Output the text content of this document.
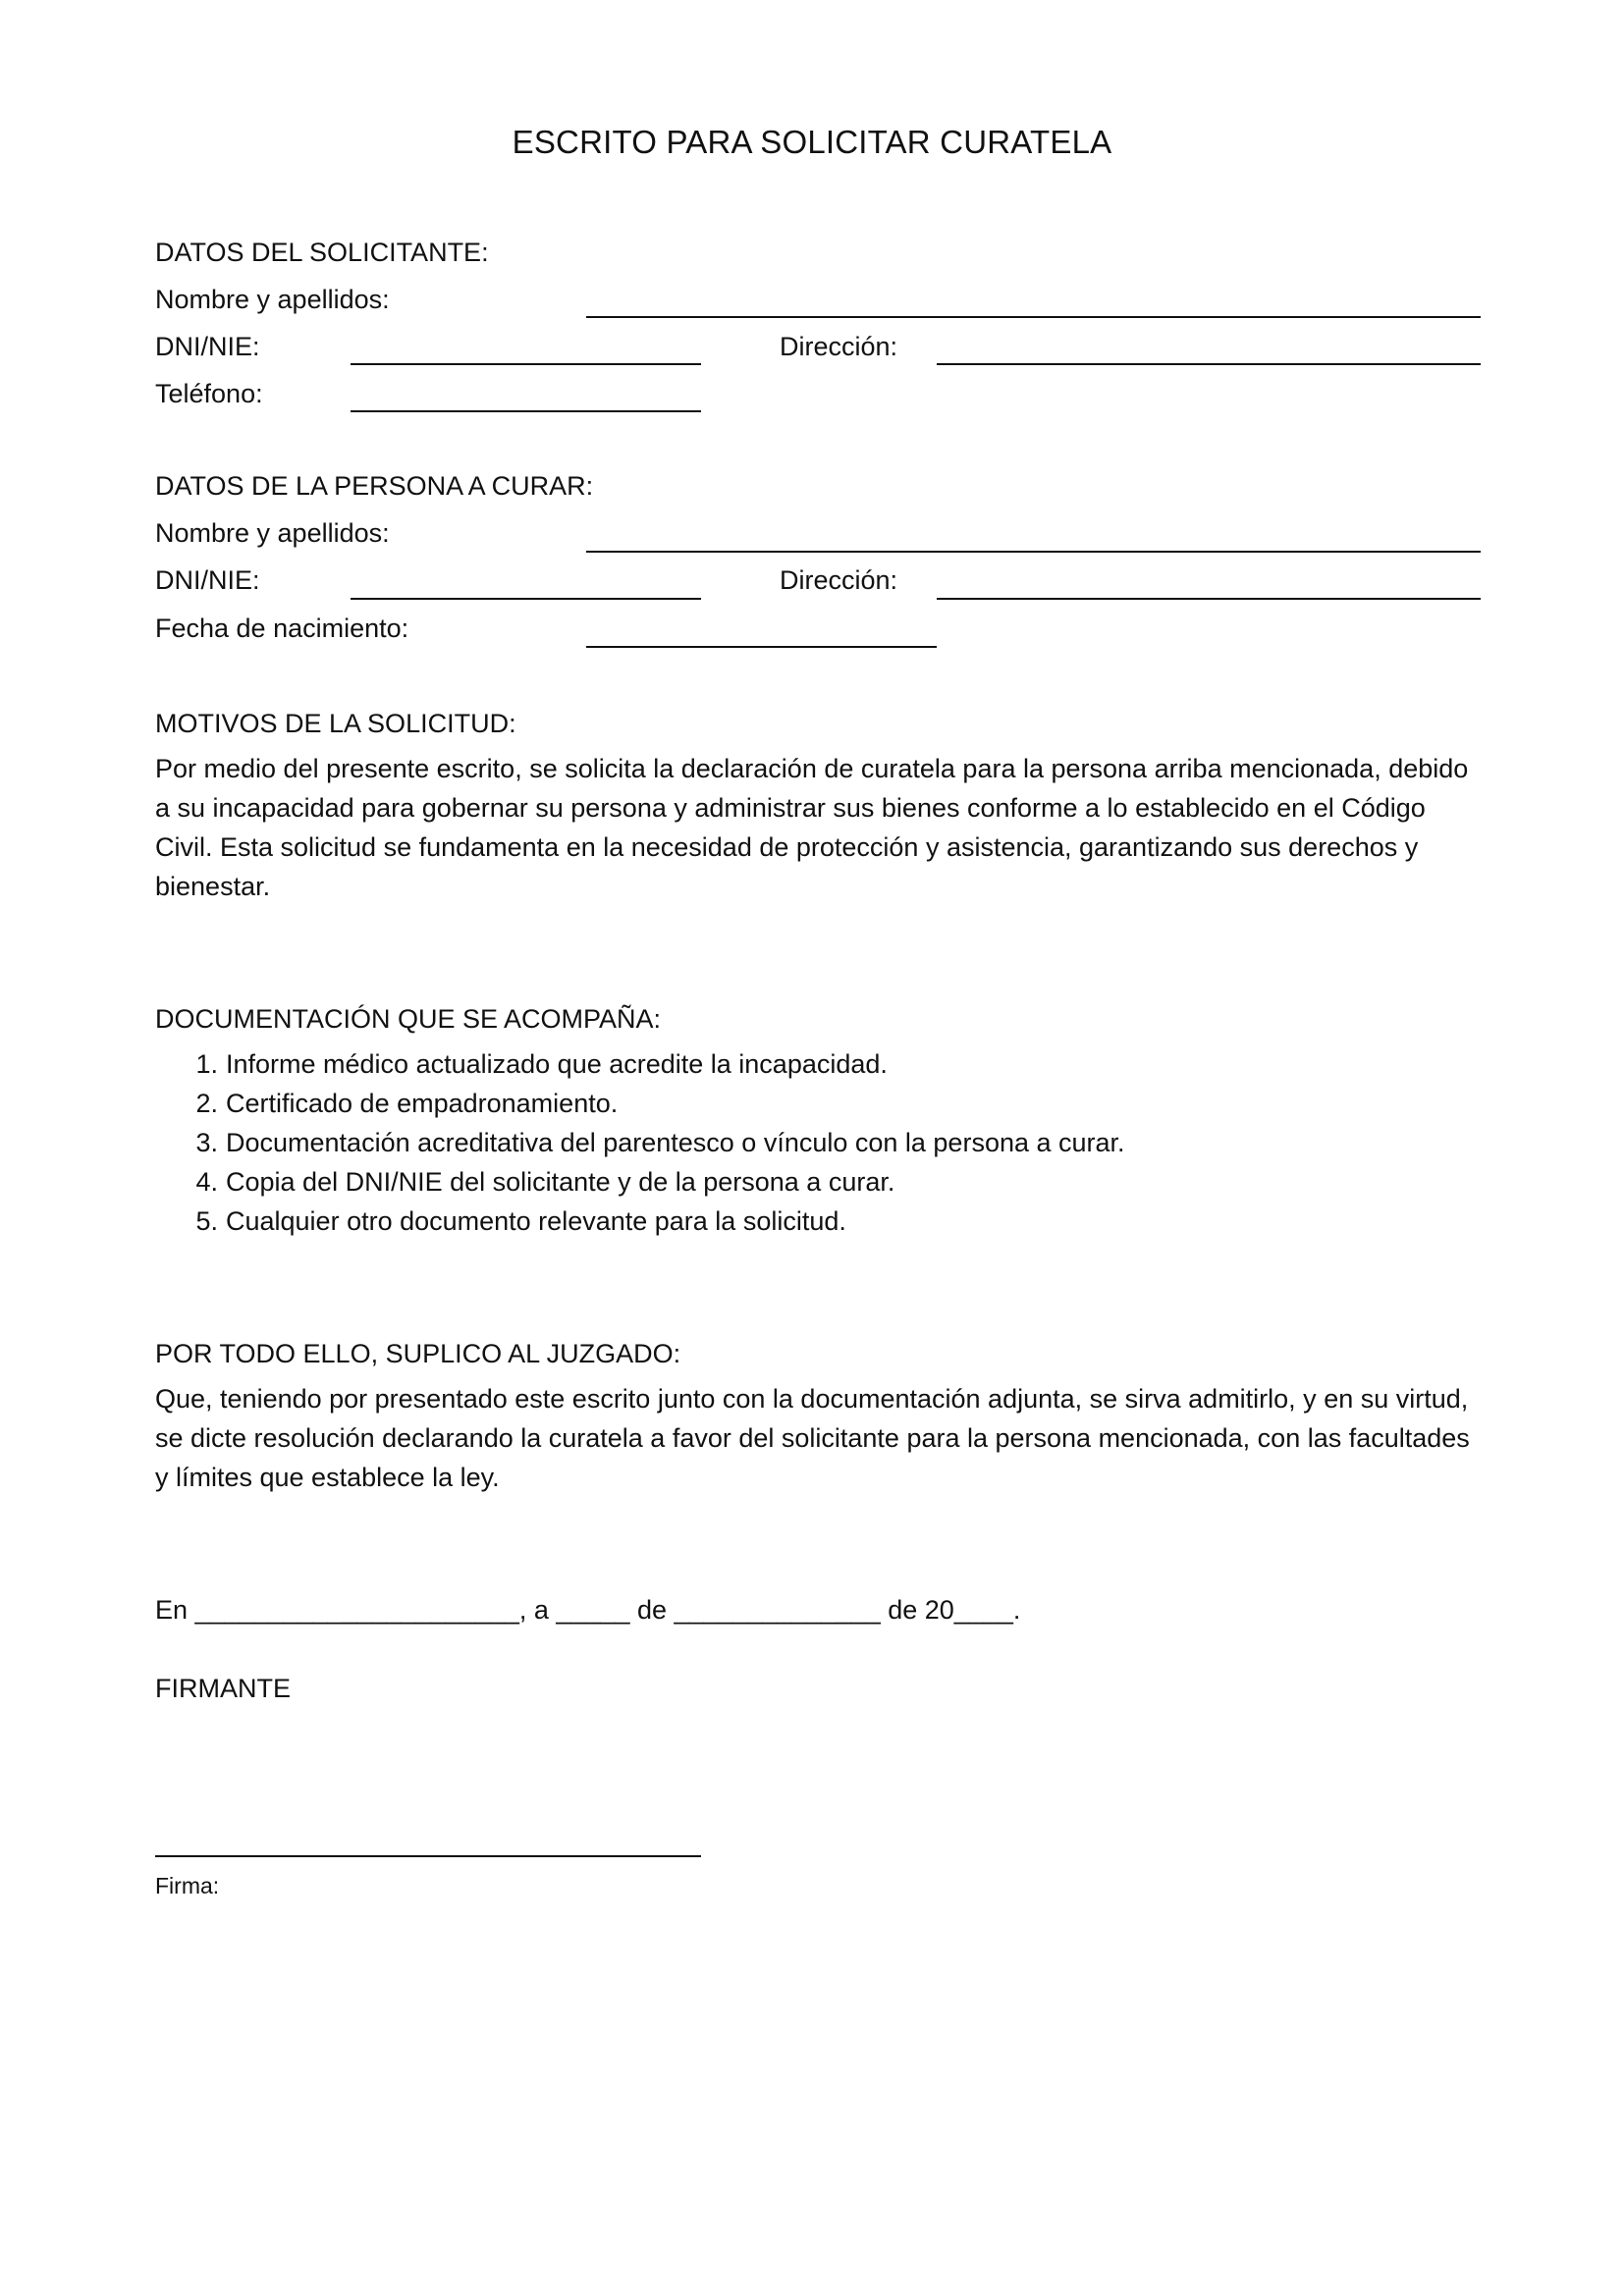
ESCRITO PARA SOLICITAR CURATELA
DATOS DEL SOLICITANTE:
Nombre y apellidos:
DNI/NIE:	Dirección:
Teléfono:
DATOS DE LA PERSONA A CURAR:
Nombre y apellidos:
DNI/NIE:	Dirección:
Fecha de nacimiento:
MOTIVOS DE LA SOLICITUD:

Por medio del presente escrito, se solicita la declaración de curatela para la persona arriba mencionada, debido a su incapacidad para gobernar su persona y administrar sus bienes conforme a lo establecido en el Código Civil. Esta solicitud se fundamenta en la necesidad de protección y asistencia, garantizando sus derechos y bienestar.

DOCUMENTACIÓN QUE SE ACOMPAÑA:
1. Informe médico actualizado que acredite la incapacidad.
2. Certificado de empadronamiento.
3. Documentación acreditativa del parentesco o vínculo con la persona a curar.
4. Copia del DNI/NIE del solicitante y de la persona a curar.
5. Cualquier otro documento relevante para la solicitud.
POR TODO ELLO, SUPLICO AL JUZGADO:

Que, teniendo por presentado este escrito junto con la documentación adjunta, se sirva admitirlo, y en su virtud, se dicte resolución declarando la curatela a favor del solicitante para la persona mencionada, con las facultades y límites que establece la ley.

En ______________________, a _____ de ______________ de 20____.
FIRMANTE
Firma:
